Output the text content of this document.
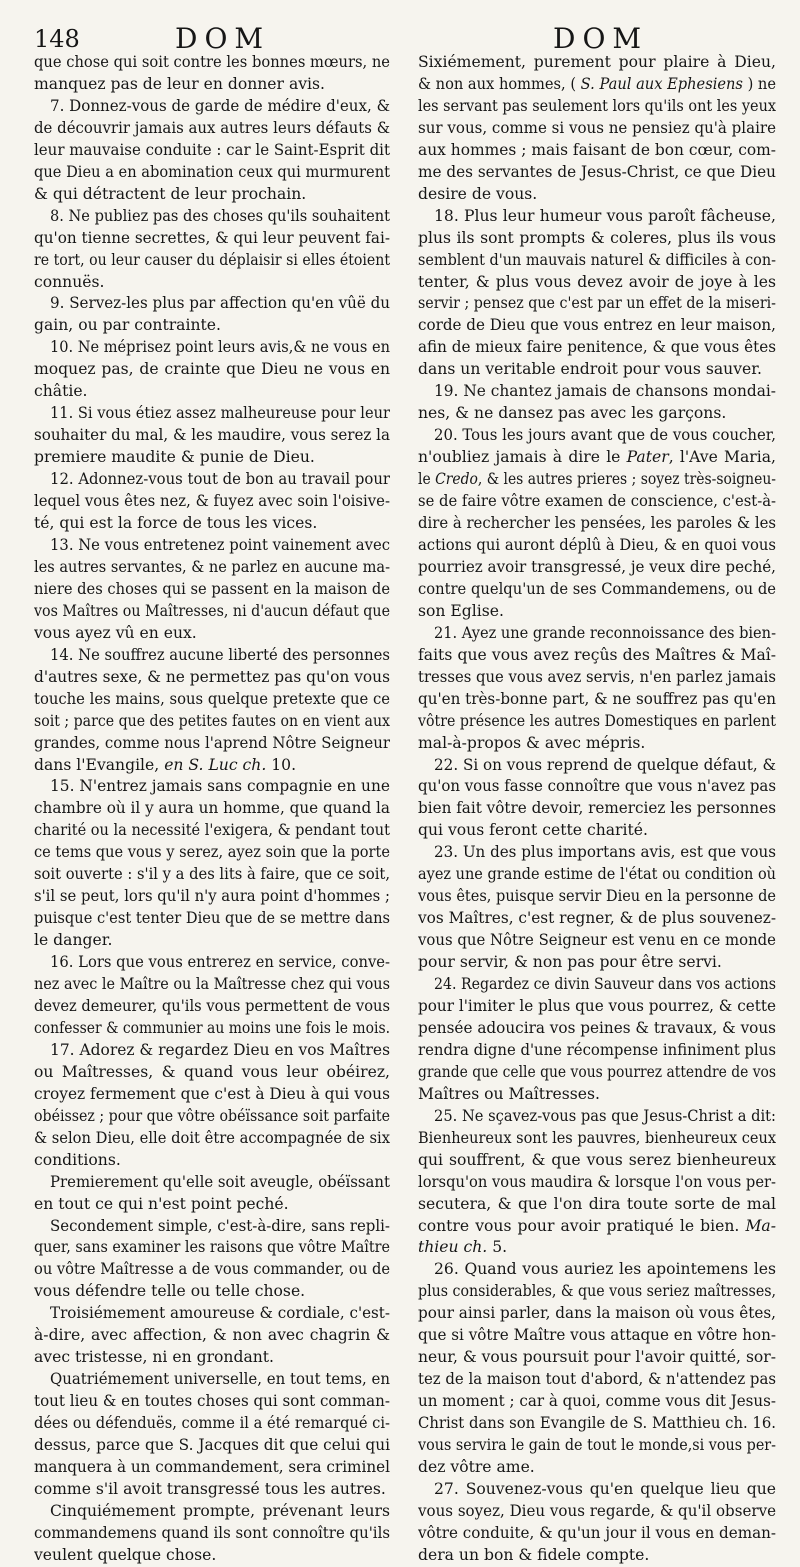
148	DOM	DOM
que chose qui soit contre les bonnes mœurs, ne
manquez pas de leur en donner avis.
7. Donnez-vous de garde de médire d'eux, &
de découvrir jamais aux autres leurs défauts &
leur mauvaise conduite : car le Saint-Esprit dit
que Dieu a en abomination ceux qui murmurent
& qui détractent de leur prochain.
8. Ne publiez pas des choses qu'ils souhaitent
qu'on tienne secrettes, & qui leur peuvent fai-
re tort, ou leur causer du déplaisir si elles étoient
connuës.
9. Servez-les plus par affection qu'en vûë du
gain, ou par contrainte.
10. Ne méprisez point leurs avis,& ne vous en
moquez pas, de crainte que Dieu ne vous en
châtie.
11. Si vous étiez assez malheureuse pour leur
souhaiter du mal, & les maudire, vous serez la
premiere maudite & punie de Dieu.
12. Adonnez-vous tout de bon au travail pour
lequel vous êtes nez, & fuyez avec soin l'oisive-
té, qui est la force de tous les vices.
13. Ne vous entretenez point vainement avec
les autres servantes, & ne parlez en aucune ma-
niere des choses qui se passent en la maison de
vos Maîtres ou Maîtresses, ni d'aucun défaut que
vous ayez vû en eux.
14. Ne souffrez aucune liberté des personnes
d'autres sexe, & ne permettez pas qu'on vous
touche les mains, sous quelque pretexte que ce
soit ; parce que des petites fautes on en vient aux
grandes, comme nous l'aprend Nôtre Seigneur
dans l'Evangile, en S. Luc ch. 10.
15. N'entrez jamais sans compagnie en une
chambre où il y aura un homme, que quand la
charité ou la necessité l'exigera, & pendant tout
ce tems que vous y serez, ayez soin que la porte
soit ouverte : s'il y a des lits à faire, que ce soit,
s'il se peut, lors qu'il n'y aura point d'hommes ;
puisque c'est tenter Dieu que de se mettre dans
le danger.
16. Lors que vous entrerez en service, conve-
nez avec le Maître ou la Maîtresse chez qui vous
devez demeurer, qu'ils vous permettent de vous
confesser & communier au moins une fois le mois.
17. Adorez & regardez Dieu en vos Maîtres
ou Maîtresses, & quand vous leur obéirez,
croyez fermement que c'est à Dieu à qui vous
obéissez ; pour que vôtre obéïssance soit parfaite
& selon Dieu, elle doit être accompagnée de six
conditions.
Premierement qu'elle soit aveugle, obéïssant
en tout ce qui n'est point peché.
Secondement simple, c'est-à-dire, sans repli-
quer, sans examiner les raisons que vôtre Maître
ou vôtre Maîtresse a de vous commander, ou de
vous défendre telle ou telle chose.
Troisiémement amoureuse & cordiale, c'est-
à-dire, avec affection, & non avec chagrin &
avec tristesse, ni en grondant.
Quatriémement universelle, en tout tems, en
tout lieu & en toutes choses qui sont comman-
dées ou défenduës, comme il a été remarqué ci-
dessus, parce que S. Jacques dit que celui qui
manquera à un commandement, sera criminel
comme s'il avoit transgressé tous les autres.
Cinquiémement prompte, prévenant leurs
commandemens quand ils sont connoître qu'ils
veulent quelque chose.
Sixiémement, purement pour plaire à Dieu,
& non aux hommes, ( S. Paul aux Ephesiens ) ne
les servant pas seulement lors qu'ils ont les yeux
sur vous, comme si vous ne pensiez qu'à plaire
aux hommes ; mais faisant de bon cœur, com-
me des servantes de Jesus-Christ, ce que Dieu
desire de vous.
18. Plus leur humeur vous paroît fâcheuse,
plus ils sont prompts & coleres, plus ils vous
semblent d'un mauvais naturel & difficiles à con-
tenter, & plus vous devez avoir de joye à les
servir ; pensez que c'est par un effet de la miseri-
corde de Dieu que vous entrez en leur maison,
afin de mieux faire penitence, & que vous êtes
dans un veritable endroit pour vous sauver.
19. Ne chantez jamais de chansons mondai-
nes, & ne dansez pas avec les garçons.
20. Tous les jours avant que de vous coucher,
n'oubliez jamais à dire le Pater, l'Ave Maria,
le Credo, & les autres prieres ; soyez très-soigneu-
se de faire vôtre examen de conscience, c'est-à-
dire à rechercher les pensées, les paroles & les
actions qui auront déplû à Dieu, & en quoi vous
pourriez avoir transgressé, je veux dire peché,
contre quelqu'un de ses Commandemens, ou de
son Eglise.
21. Ayez une grande reconnoissance des bien-
faits que vous avez reçûs des Maîtres & Maî-
tresses que vous avez servis, n'en parlez jamais
qu'en très-bonne part, & ne souffrez pas qu'en
vôtre présence les autres Domestiques en parlent
mal-à-propos & avec mépris.
22. Si on vous reprend de quelque défaut, &
qu'on vous fasse connoître que vous n'avez pas
bien fait vôtre devoir, remerciez les personnes
qui vous feront cette charité.
23. Un des plus importans avis, est que vous
ayez une grande estime de l'état ou condition où
vous êtes, puisque servir Dieu en la personne de
vos Maîtres, c'est regner, & de plus souvenez-
vous que Nôtre Seigneur est venu en ce monde
pour servir, & non pas pour être servi.
24. Regardez ce divin Sauveur dans vos actions
pour l'imiter le plus que vous pourrez, & cette
pensée adoucira vos peines & travaux, & vous
rendra digne d'une récompense infiniment plus
grande que celle que vous pourrez attendre de vos
Maîtres ou Maîtresses.
25. Ne sçavez-vous pas que Jesus-Christ a dit:
Bienheureux sont les pauvres, bienheureux ceux
qui souffrent, & que vous serez bienheureux
lorsqu'on vous maudira & lorsque l'on vous per-
secutera, & que l'on dira toute sorte de mal
contre vous pour avoir pratiqué le bien. Ma-
thieu ch. 5.
26. Quand vous auriez les apointemens les
plus considerables, & que vous seriez maîtresses,
pour ainsi parler, dans la maison où vous êtes,
que si vôtre Maître vous attaque en vôtre hon-
neur, & vous poursuit pour l'avoir quitté, sor-
tez de la maison tout d'abord, & n'attendez pas
un moment ; car à quoi, comme vous dit Jesus-
Christ dans son Evangile de S. Matthieu ch. 16.
vous servira le gain de tout le monde,si vous per-
dez vôtre ame.
27. Souvenez-vous qu'en quelque lieu que
vous soyez, Dieu vous regarde, & qu'il observe
vôtre conduite, & qu'un jour il vous en deman-
dera un bon & fidele compte.
